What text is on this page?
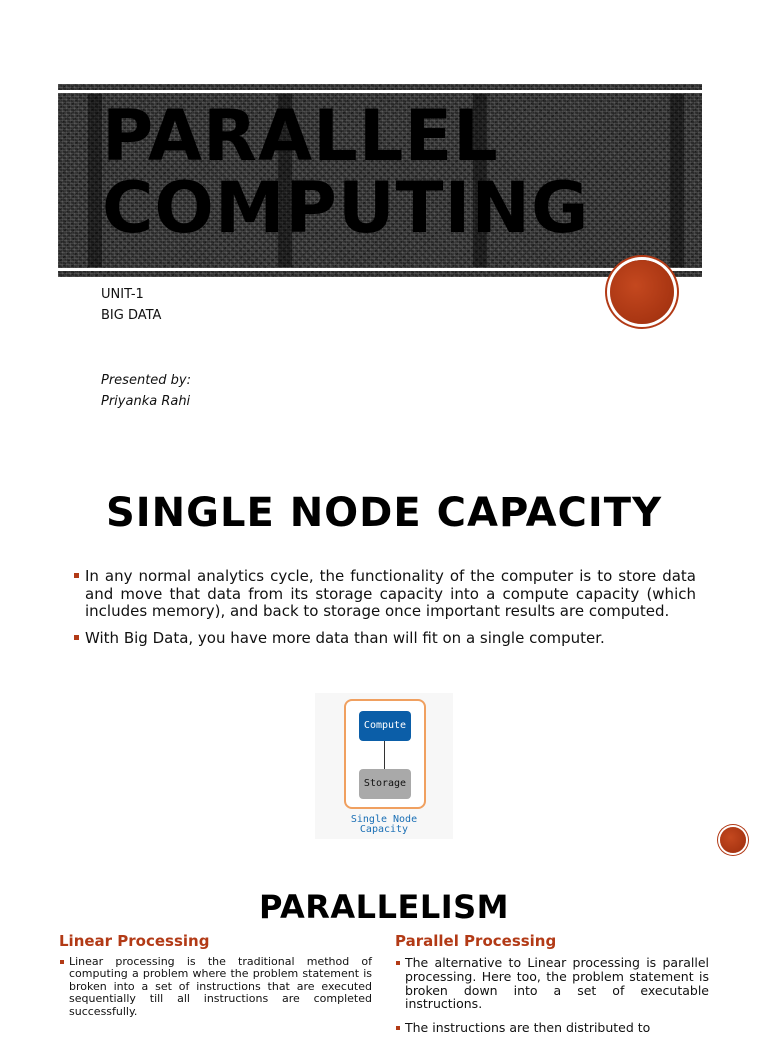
PARALLEL
COMPUTING
UNIT-1
BIG DATA
Presented by:
Priyanka Rahi
SINGLE NODE CAPACITY
In any normal analytics cycle, the functionality of the computer is to store data and move that data from its storage capacity into a compute capacity (which includes memory), and back to storage once important results are computed.
With Big Data, you have more data than will fit on a single computer.
Compute
Storage
Single Node
Capacity
PARALLELISM
Linear Processing
Linear processing is the traditional method of computing a problem where the problem statement is broken into a set of instructions that are executed sequentially till all instructions are completed successfully.
Parallel Processing
The alternative to Linear processing is parallel processing. Here too, the problem statement is broken down into a set of executable instructions.
The instructions are then distributed to
